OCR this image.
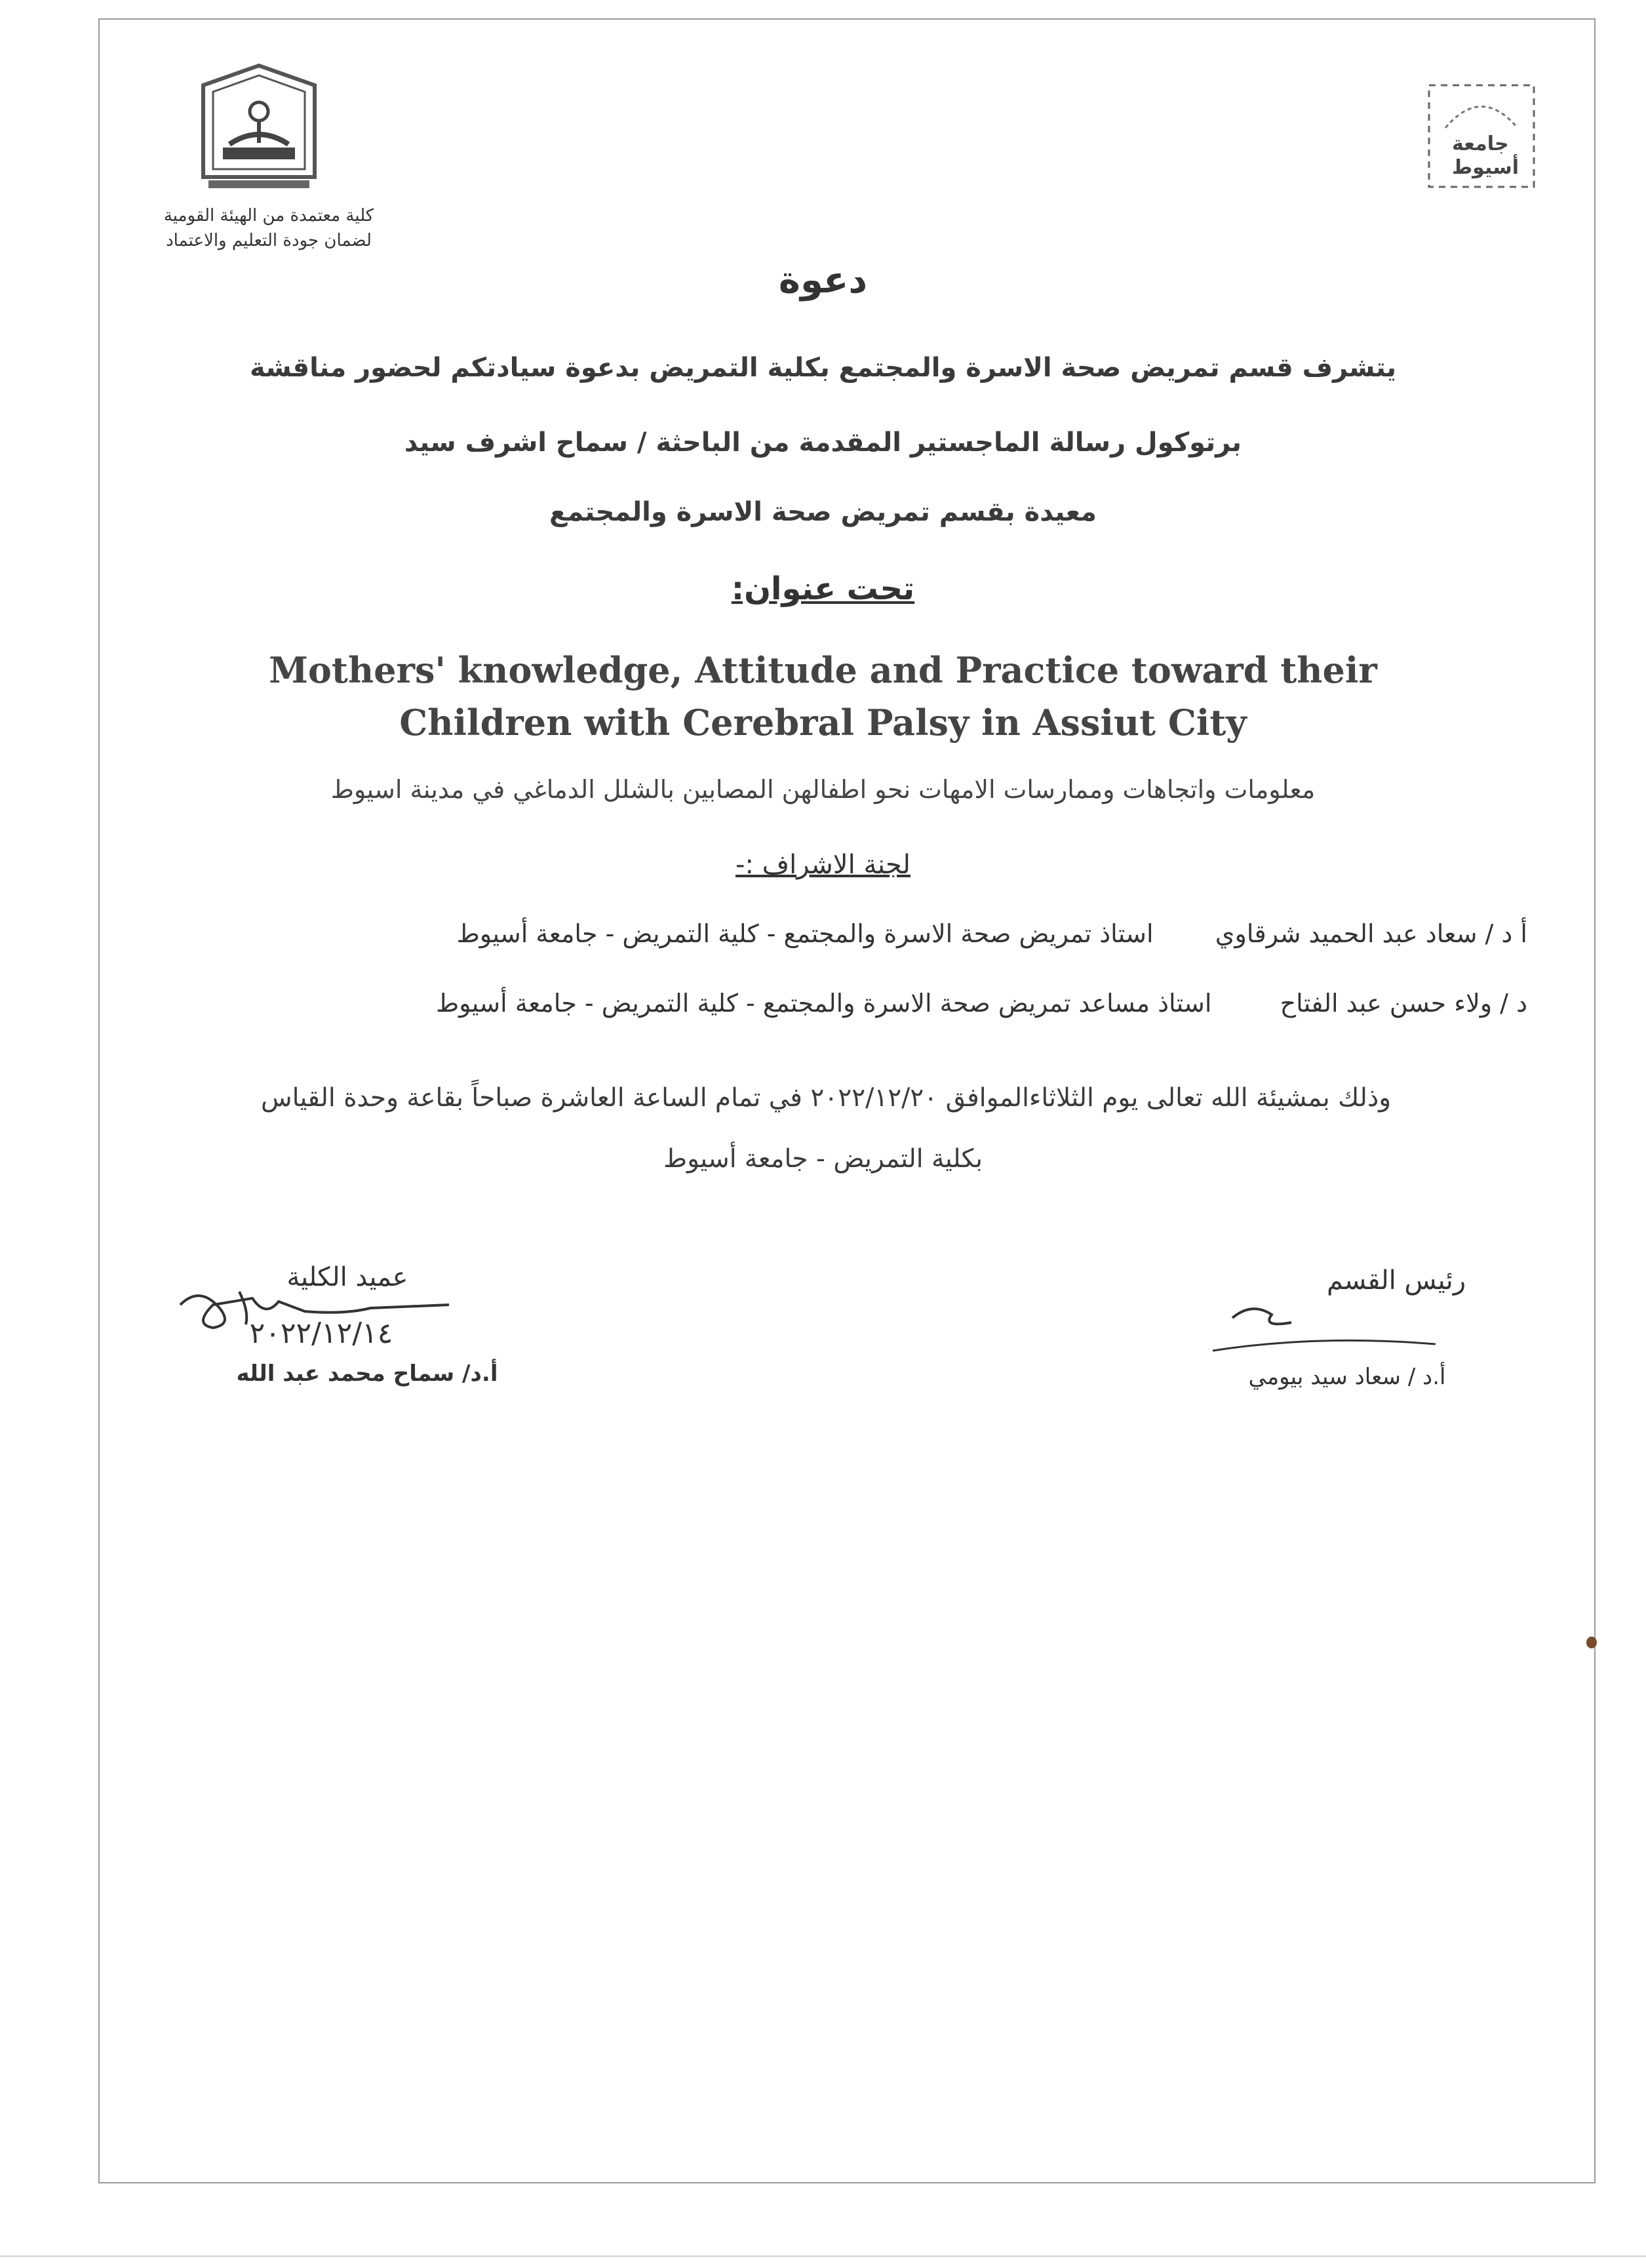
كلية معتمدة من الهيئة القومية
لضمان جودة التعليم والاعتماد
جامعة
أسيوط
دعوة
يتشرف قسم تمريض صحة الاسرة والمجتمع بكلية التمريض بدعوة سيادتكم لحضور مناقشة
برتوكول رسالة الماجستير المقدمة من الباحثة / سماح اشرف سيد
معيدة بقسم تمريض صحة الاسرة والمجتمع
تحت عنوان:
Mothers' knowledge, Attitude and Practice toward their
Children with Cerebral Palsy in Assiut City
معلومات واتجاهات وممارسات الامهات نحو اطفالهن المصابين بالشلل الدماغي في مدينة اسيوط
لجنة الاشراف :-
أ د / سعاد عبد الحميد شرقاوي  استاذ تمريض صحة الاسرة والمجتمع - كلية التمريض - جامعة أسيوط
د / ولاء حسن عبد الفتاح  استاذ مساعد تمريض صحة الاسرة والمجتمع - كلية التمريض - جامعة أسيوط
وذلك بمشيئة الله تعالى يوم الثلاثاءالموافق ٢٠٢٢/١٢/٢٠ في تمام الساعة العاشرة صباحاً بقاعة وحدة القياس
بكلية التمريض - جامعة أسيوط
عميد الكلية
٢٠٢٢/١٢/١٤
أ.د/ سماح محمد عبد الله
رئيس القسم
أ.د / سعاد سيد بيومي
